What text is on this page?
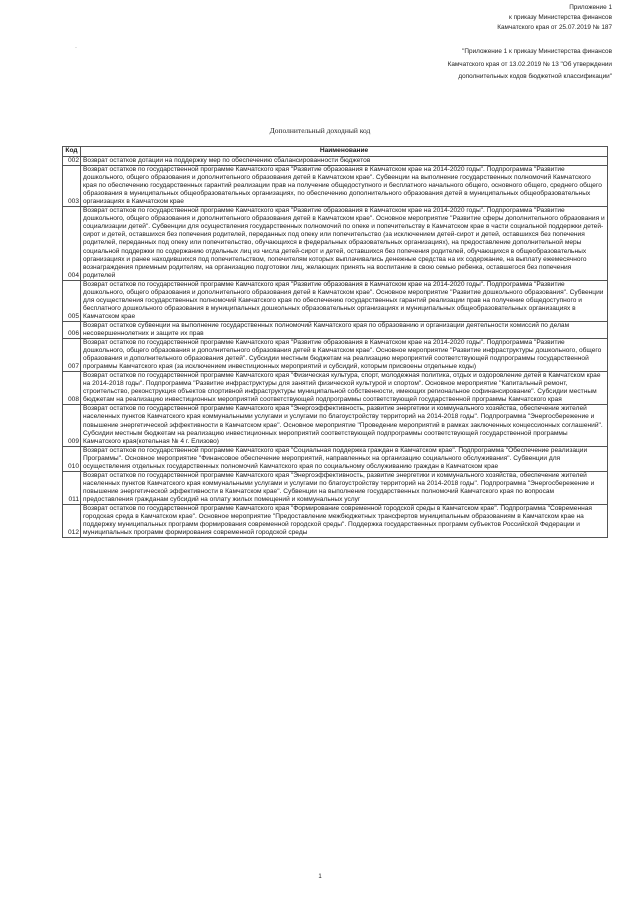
Приложение 1
к приказу Министерства финансов
Камчатского края от 25.07.2019 № 187
"Приложение 1 к приказу Министерства финансов
Камчатского края от 13.02.2019 № 13 "Об утверждении
дополнительных кодов бюджетной классификации"
·
Дополнительный доходный код
Код	Наименование
002	Возврат остатков дотации на поддержку мер по обеспечению сбалансированности бюджетов
003	Возврат остатков по государственной программе Камчатского края "Развитие образования в Камчатском крае на 2014-2020 годы". Подпрограмма "Развитие дошкольного, общего образования и дополнительного образования детей в Камчатском крае". Субвенции на выполнение государственных полномочий Камчатского края по обеспечению государственных гарантий реализации прав на получение общедоступного и бесплатного начального общего, основного общего, среднего общего образования в муниципальных общеобразовательных организациях, по обеспечению дополнительного образования детей в муниципальных общеобразовательных организациях в Камчатском крае
004	Возврат остатков по государственной программе Камчатского края "Развитие образования в Камчатском крае на 2014-2020 годы". Подпрограмма "Развитие дошкольного, общего образования и дополнительного образования детей в Камчатском крае". Основное мероприятие "Развитие сферы дополнительного образования и социализации детей". Субвенции для осуществления государственных полномочий по опеке и попечительству в Камчатском крае в части социальной поддержки детей-сирот и детей, оставшихся без попечения родителей, переданных под опеку или попечительство (за исключением детей-сирот и детей, оставшихся без попечения родителей, переданных под опеку или попечительство, обучающихся в федеральных образовательных организациях), на предоставление дополнительной меры социальной поддержки по содержанию отдельных лиц из числа детей-сирот и детей, оставшихся без попечения родителей, обучающихся в общеобразовательных организациях и ранее находившихся под попечительством, попечителям которых выплачивались денежные средства на их содержание, на выплату ежемесячного вознаграждения приемным родителям, на организацию подготовки лиц, желающих принять на воспитание в свою семью ребенка, оставшегося без попечения родителей
005	Возврат остатков по государственной программе Камчатского края "Развитие образования в Камчатском крае на 2014-2020 годы". Подпрограмма "Развитие дошкольного, общего образования и дополнительного образования детей в Камчатском крае". Основное мероприятие "Развитие дошкольного образования". Субвенции для осуществления государственных полномочий Камчатского края по обеспечению государственных гарантий реализации прав на получение общедоступного и бесплатного дошкольного образования в муниципальных дошкольных образовательных организациях и муниципальных общеобразовательных организациях в Камчатском крае
006	Возврат остатков субвенции на выполнение государственных полномочий Камчатского края по образованию и организации деятельности комиссий по делам несовершеннолетних и защите их прав
007	Возврат остатков по государственной программе Камчатского края "Развитие образования в Камчатском крае на 2014-2020 годы". Подпрограмма "Развитие дошкольного, общего образования и дополнительного образования детей в Камчатском крае". Основное мероприятие "Развитие инфраструктуры дошкольного, общего образования и дополнительного образования детей". Субсидии местным бюджетам на реализацию мероприятий соответствующей подпрограммы государственной программы Камчатского края (за исключением инвестиционных мероприятий и субсидий, которым присвоены отдельные коды)
008	Возврат остатков по государственной программе Камчатского края "Физическая культура, спорт, молодежная политика, отдых и оздоровление детей в Камчатском крае на 2014-2018 годы". Подпрограмма "Развитие инфраструктуры для занятий физической культурой и спортом". Основное мероприятие "Капитальный ремонт, строительство, реконструкция объектов спортивной инфраструктуры муниципальной собственности, имеющих региональное софинансирование". Субсидии местным бюджетам на реализацию инвестиционных мероприятий соответствующей подпрограммы соответствующей государственной программы Камчатского края
009	Возврат остатков по государственной программе Камчатского края "Энергоэффективность, развитие энергетики и коммунального хозяйства, обеспечение жителей населенных пунктов Камчатского края коммунальными услугами и услугами по благоустройству территорий на 2014-2018 годы". Подпрограмма "Энергосбережение и повышение энергетической эффективности в Камчатском крае". Основное мероприятие "Проведение мероприятий в рамках заключенных концессионных соглашений". Субсидии местным бюджетам на реализацию инвестиционных мероприятий соответствующей подпрограммы соответствующей государственной программы Камчатского края(котельная № 4 г. Елизово)
010	Возврат остатков по государственной программе Камчатского края "Социальная поддержка граждан в Камчатском крае". Подпрограмма "Обеспечение реализации Программы". Основное мероприятие "Финансовое обеспечение мероприятий, направленных на организацию социального обслуживания". Субвенции для осуществления отдельных государственных полномочий Камчатского края по социальному обслуживанию граждан в Камчатском крае
011	Возврат остатков по государственной программе Камчатского края "Энергоэффективность, развитие энергетики и коммунального хозяйства, обеспечение жителей населенных пунктов Камчатского края коммунальными услугами и услугами по благоустройству территорий на 2014-2018 годы". Подпрограмма "Энергосбережение и повышение энергетической эффективности в Камчатском крае". Субвенции на выполнение государственных полномочий Камчатского края по вопросам предоставления гражданам субсидий на оплату жилых помещений и коммунальных услуг
012	Возврат остатков по государственной программе Камчатского края "Формирование современной городской среды в Камчатском крае". Подпрограмма "Современная городская среда в Камчатском крае". Основное мероприятие "Предоставление межбюджетных трансфертов муниципальным образованиям в Камчатском крае на поддержку муниципальных программ формирования современной городской среды". Поддержка государственных программ субъектов Российской Федерации и муниципальных программ формирования современной городской среды
1
